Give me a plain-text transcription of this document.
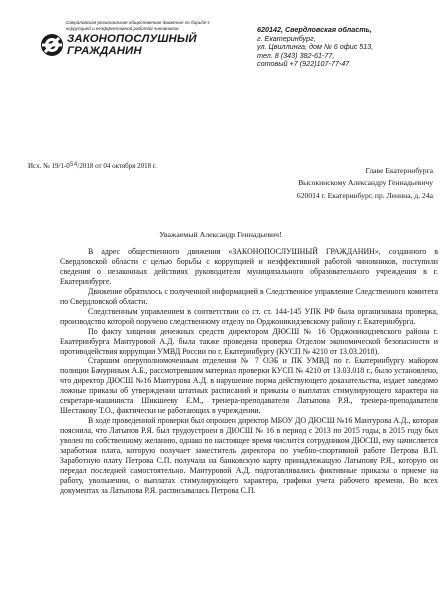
Свердловская региональная общественная движение по борьбе с коррупцией и неэффективной работой чиновников
ЗАКОНОПОСЛУШНЫЙ
ГРАЖДАНИН
620142, Свердловская область,
г. Екатеринбург,
ул. Цвиллинга, дом № 6 офис 513,
тел. 8 (343) 382-61-77,
сотовый +7 (922)107-77-47
Исх. № 19/1-054/2018 от 04 октября 2018 г.	Главе Екатеринбурга
Высокинскому Александру Геннадьевичу
620014 г. Екатеринбург, пр. Ленина, д. 24а
Уважаемый Александр Геннадьевич!

В адрес общественного движения «ЗАКОНОПОСЛУШНЫЙ ГРАЖДАНИН», созданного в Свердловской области с целью борьбы с коррупцией и неэффективной работой чиновников, поступили сведения о незаконных действиях руководителя муниципального образовательного учреждения в г. Екатеринбурге.

Движение обратилось с полученной информацией в Следственное управление Следственного комитета по Свердловской области.

Следственным управлением в соответствии со ст. ст. 144-145 УПК РФ была организована проверка, производство которой поручено следственному отделу по Орджоникидзевскому району г. Екатеринбурга.

По факту хищения денежных средств директором ДЮСШ № 16 Орджоникидзевского района г. Екатеринбурга Мантуровой А.Д. была также проведена проверка Отделом экономической безопасности и противодействия коррупции УМВД России по г. Екатеринбургу (КУСП № 4210 от 13.03.2018).

Старшим оперуполномоченным отделения № 7 ОЭБ и ПК УМВД по г. Екатеринбургу майором полиции Бачуриным А.Б., рассмотревшим материал проверки КУСП № 4210 от 13.03.018 г., было установлено, что директор ДЮСШ №16 Мантурова А.Д. в нарушение порма действующего доказательства, издает заведомо ложные приказы об утверждении штатных расписаний и приказы о выплатах стимулирующего характера на секретаря-машиниста Шикшееву Е.М., тренера-преподавателя Латыпова Р.Я., тренера-преподавателя Шестакову Т.О., фактически не работающих в учреждении.

В ходе проведенной проверки был опрошен директор МБОУ ДО ДЮСШ №16 Мантурова А.Д., которая пояснила, что Латыпов Р.Я. был трудоустроен в ДЮСШ № 16 в период с 2013 по 2015 годы, в 2015 году был уволен по собственному желанию, однако по настоящее время числится сотрудником ДЮСШ, ему начисляется заработная плата, которую получает заместитель директора по учебно-спортивной работе Петрова В.П. Заработную плату Петрова С.П. получала на банковскую карту принадлежащую Латыпову Р.Я., которую он передал последней самостоятельно. Мантуровой А.Д. подготавливались фиктивные приказы о приеме на работу, увольнении, о выплатах стимулирующего характера, графики учета рабочего времени. Во всех документах за Латыпова Р.Я. расписывалась Петрова С.П.
